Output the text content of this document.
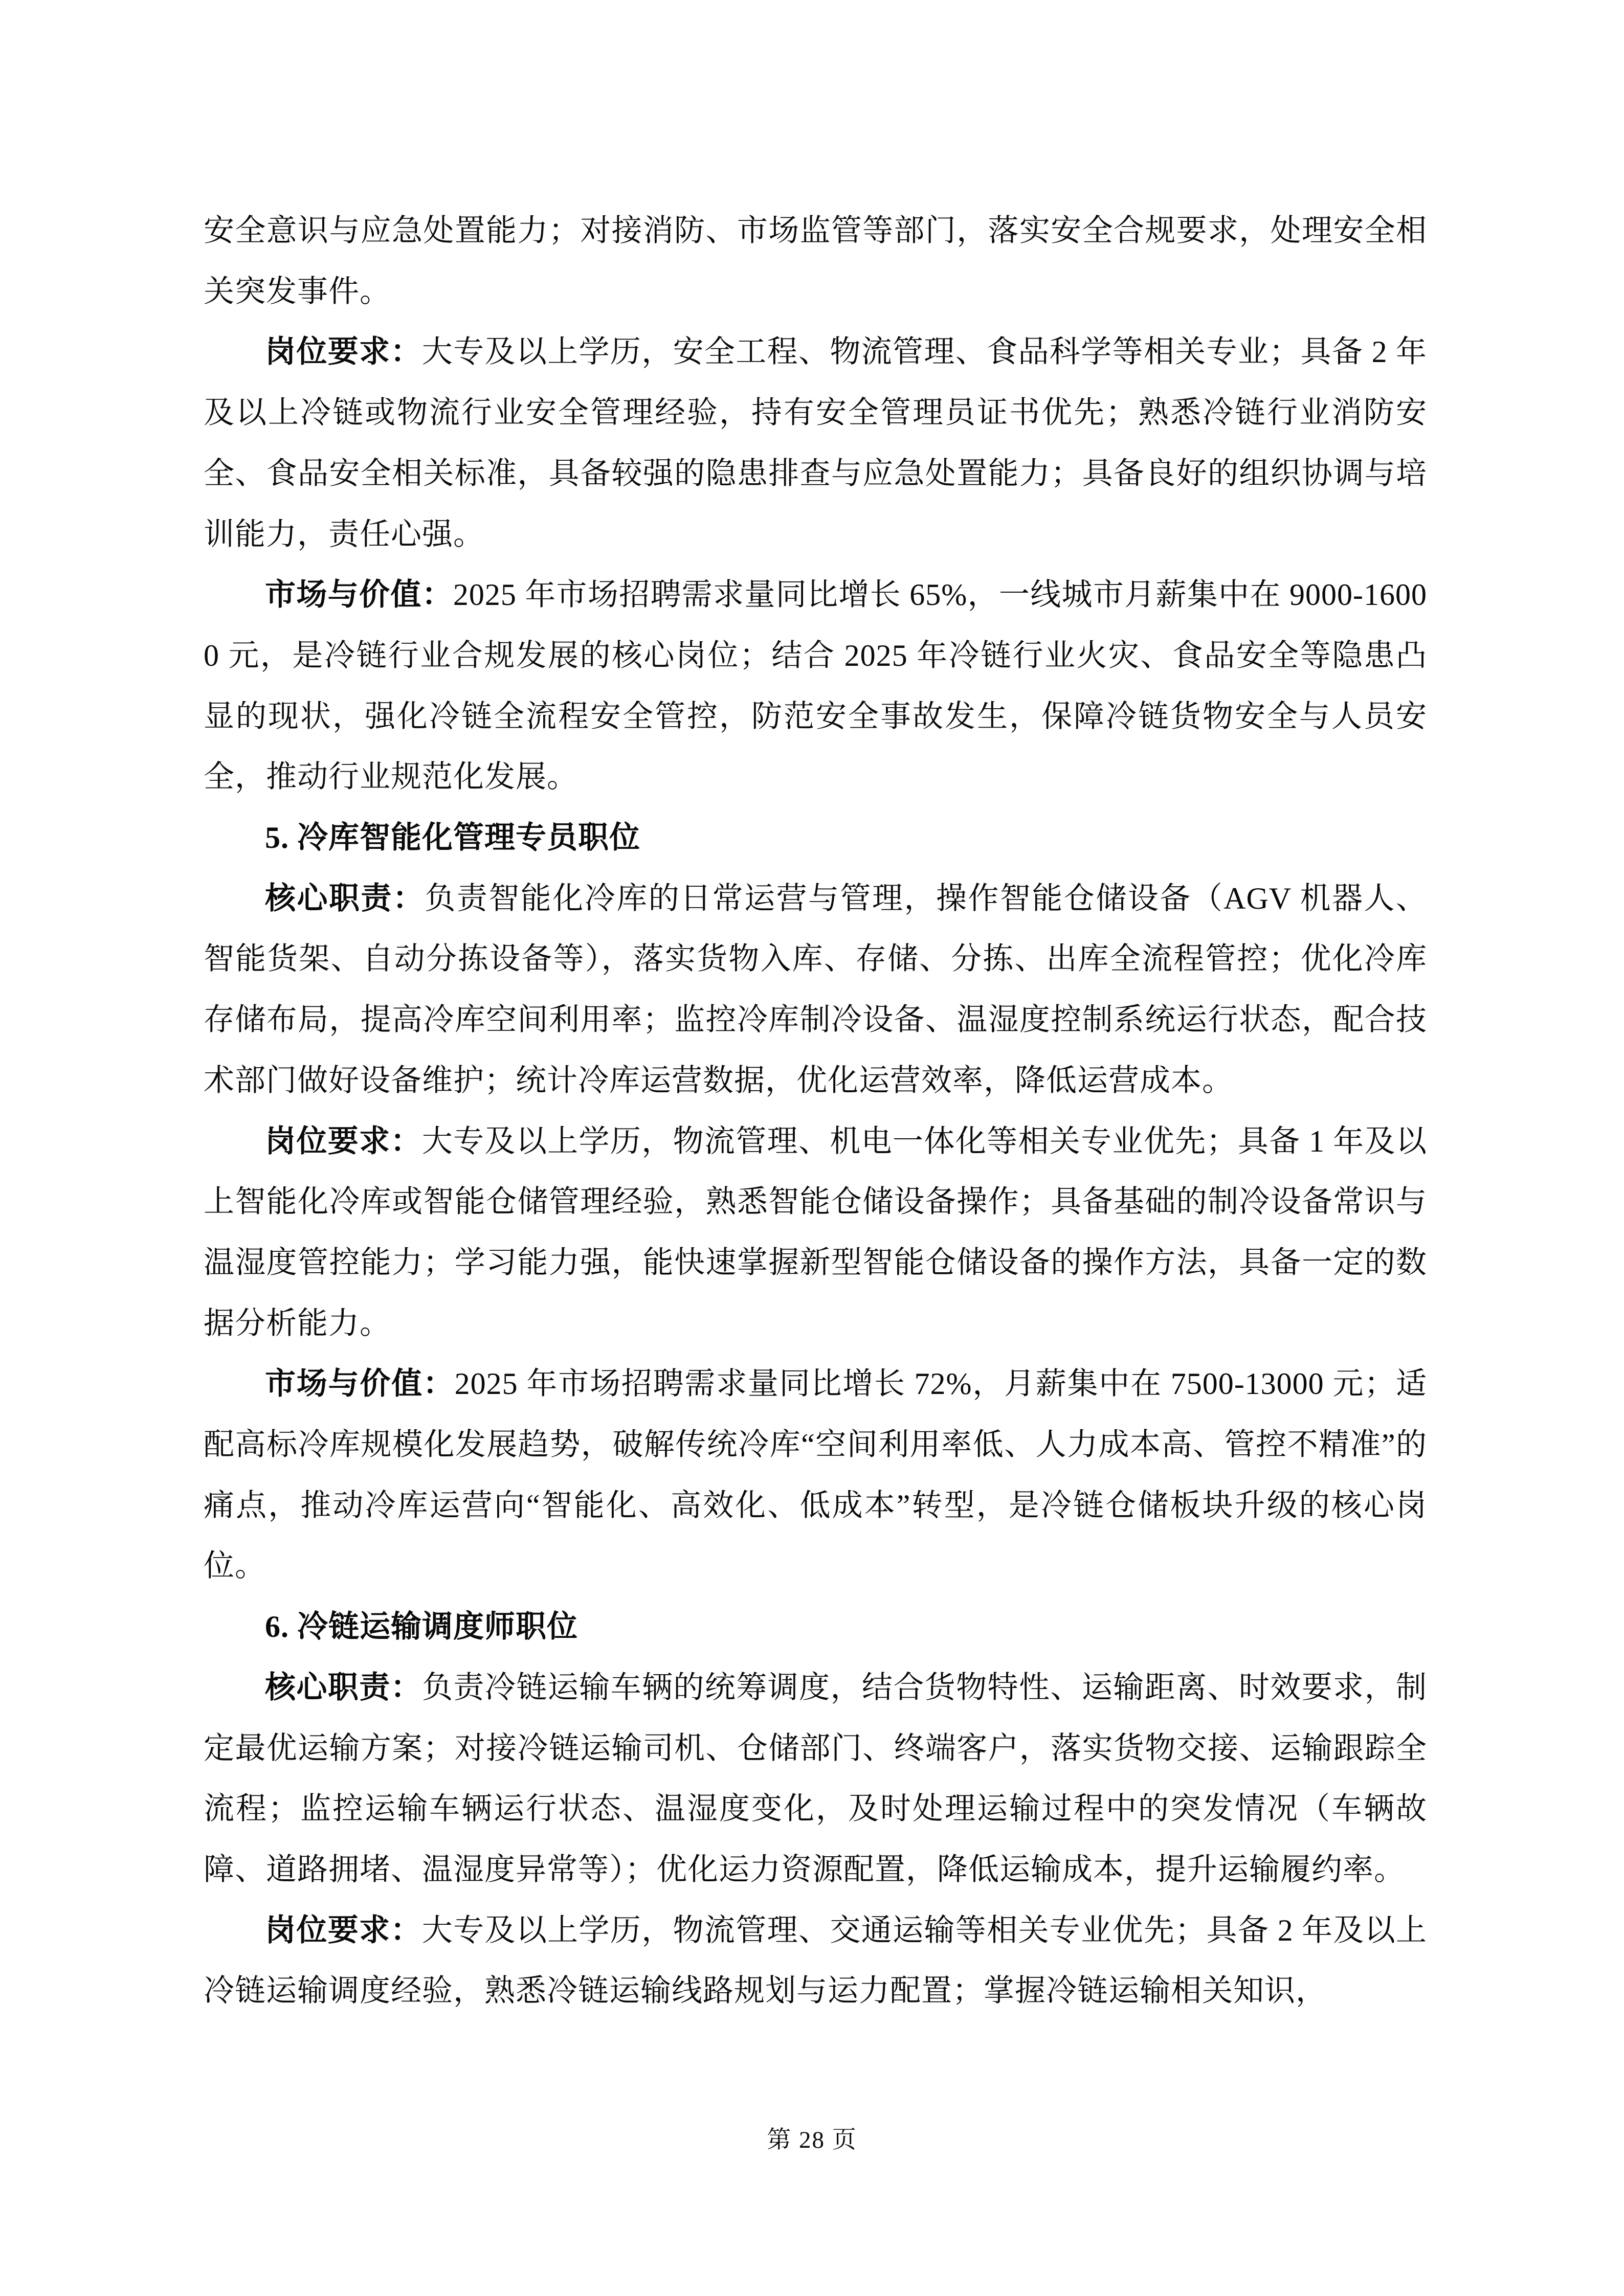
安全意识与应急处置能力；对接消防、市场监管等部门，落实安全合规要求，处理安全相关突发事件。

岗位要求：大专及以上学历，安全工程、物流管理、食品科学等相关专业；具备 2 年及以上冷链或物流行业安全管理经验，持有安全管理员证书优先；熟悉冷链行业消防安全、食品安全相关标准，具备较强的隐患排查与应急处置能力；具备良好的组织协调与培训能力，责任心强。

市场与价值：2025 年市场招聘需求量同比增长 65%，一线城市月薪集中在 9000-16000 元，是冷链行业合规发展的核心岗位；结合 2025 年冷链行业火灾、食品安全等隐患凸显的现状，强化冷链全流程安全管控，防范安全事故发生，保障冷链货物安全与人员安全，推动行业规范化发展。

5. 冷库智能化管理专员职位

核心职责：负责智能化冷库的日常运营与管理，操作智能仓储设备（AGV 机器人、智能货架、自动分拣设备等），落实货物入库、存储、分拣、出库全流程管控；优化冷库存储布局，提高冷库空间利用率；监控冷库制冷设备、温湿度控制系统运行状态，配合技术部门做好设备维护；统计冷库运营数据，优化运营效率，降低运营成本。

岗位要求：大专及以上学历，物流管理、机电一体化等相关专业优先；具备 1 年及以上智能化冷库或智能仓储管理经验，熟悉智能仓储设备操作；具备基础的制冷设备常识与温湿度管控能力；学习能力强，能快速掌握新型智能仓储设备的操作方法，具备一定的数据分析能力。

市场与价值：2025 年市场招聘需求量同比增长 72%，月薪集中在 7500-13000 元；适配高标冷库规模化发展趋势，破解传统冷库“空间利用率低、人力成本高、管控不精准”的痛点，推动冷库运营向“智能化、高效化、低成本”转型，是冷链仓储板块升级的核心岗位。

6. 冷链运输调度师职位

核心职责：负责冷链运输车辆的统筹调度，结合货物特性、运输距离、时效要求，制定最优运输方案；对接冷链运输司机、仓储部门、终端客户，落实货物交接、运输跟踪全流程；监控运输车辆运行状态、温湿度变化，及时处理运输过程中的突发情况（车辆故障、道路拥堵、温湿度异常等）；优化运力资源配置，降低运输成本，提升运输履约率。

岗位要求：大专及以上学历，物流管理、交通运输等相关专业优先；具备 2 年及以上冷链运输调度经验，熟悉冷链运输线路规划与运力配置；掌握冷链运输相关知识，

第 28 页
